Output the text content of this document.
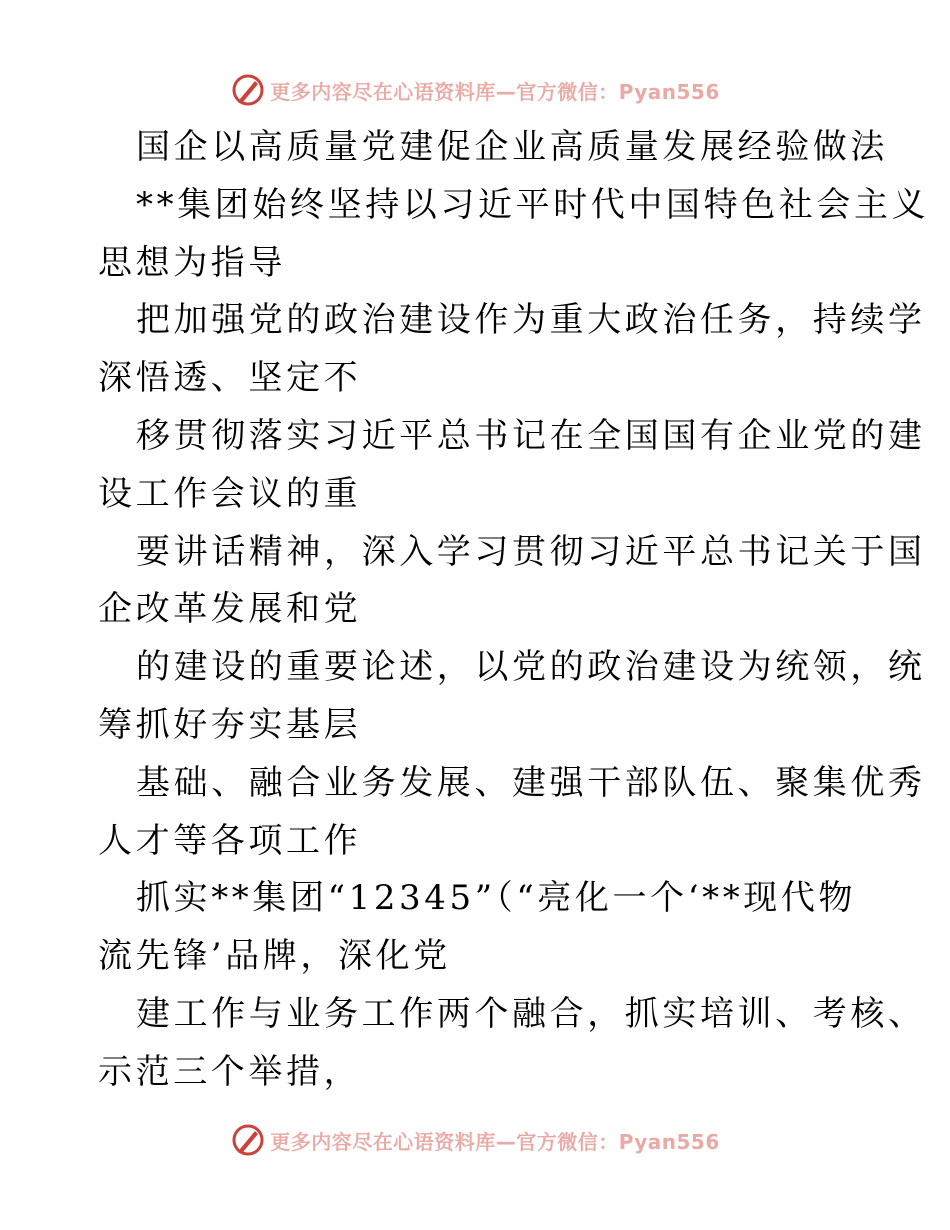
更多内容尽在心语资料库—官方微信：Pyan556
国企以高质量党建促企业高质量发展经验做法
**集团始终坚持以习近平时代中国特色社会主义
思想为指导
把加强党的政治建设作为重大政治任务，持续学
深悟透、坚定不
移贯彻落实习近平总书记在全国国有企业党的建
设工作会议的重
要讲话精神，深入学习贯彻习近平总书记关于国
企改革发展和党
的建设的重要论述，以党的政治建设为统领，统
筹抓好夯实基层
基础、融合业务发展、建强干部队伍、聚集优秀
人才等各项工作
抓实**集团“12345”（“亮化一个‘**现代物
流先锋’品牌，深化党
建工作与业务工作两个融合，抓实培训、考核、
示范三个举措，
更多内容尽在心语资料库—官方微信：Pyan556
